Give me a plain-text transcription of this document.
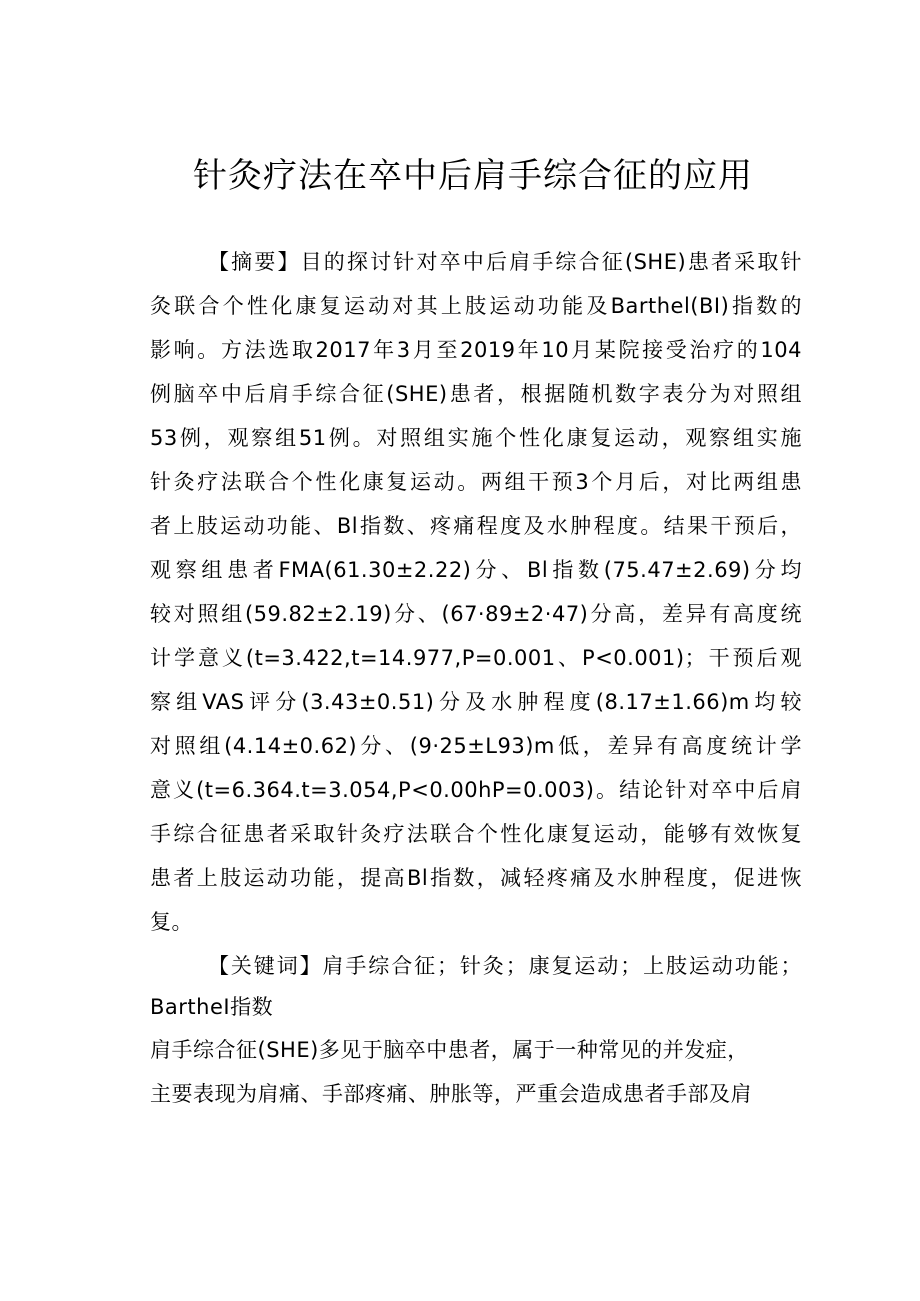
针灸疗法在卒中后肩手综合征的应用
【摘要】目的探讨针对卒中后肩手综合征(SHE)患者采取针
灸联合个性化康复运动对其上肢运动功能及Barthel(BI)指数的
影响。方法选取2017年3月至2019年10月某院接受治疗的104
例脑卒中后肩手综合征(SHE)患者，根据随机数字表分为对照组
53例，观察组51例。对照组实施个性化康复运动，观察组实施
针灸疗法联合个性化康复运动。两组干预3个月后，对比两组患
者上肢运动功能、Bl指数、疼痛程度及水肿程度。结果干预后，
观察组患者FMA(61.30±2.22)分、Bl指数(75.47±2.69)分均
较对照组(59.82±2.19)分、(67·89±2·47)分高，差异有高度统
计学意义(t=3.422,t=14.977,P=0.001、P<0.001)；干预后观
察组VAS评分(3.43±0.51)分及水肿程度(8.17±1.66)m均较
对照组(4.14±0.62)分、(9·25±L93)m低，差异有高度统计学
意义(t=6.364.t=3.054,P<0.00hP=0.003)。结论针对卒中后肩
手综合征患者采取针灸疗法联合个性化康复运动，能够有效恢复
患者上肢运动功能，提高Bl指数，减轻疼痛及水肿程度，促进恢
复。
【关键词】肩手综合征；针灸；康复运动；上肢运动功能；
BartheI指数
肩手综合征(SHE)多见于脑卒中患者，属于一种常见的并发症，
主要表现为肩痛、手部疼痛、肿胀等，严重会造成患者手部及肩
